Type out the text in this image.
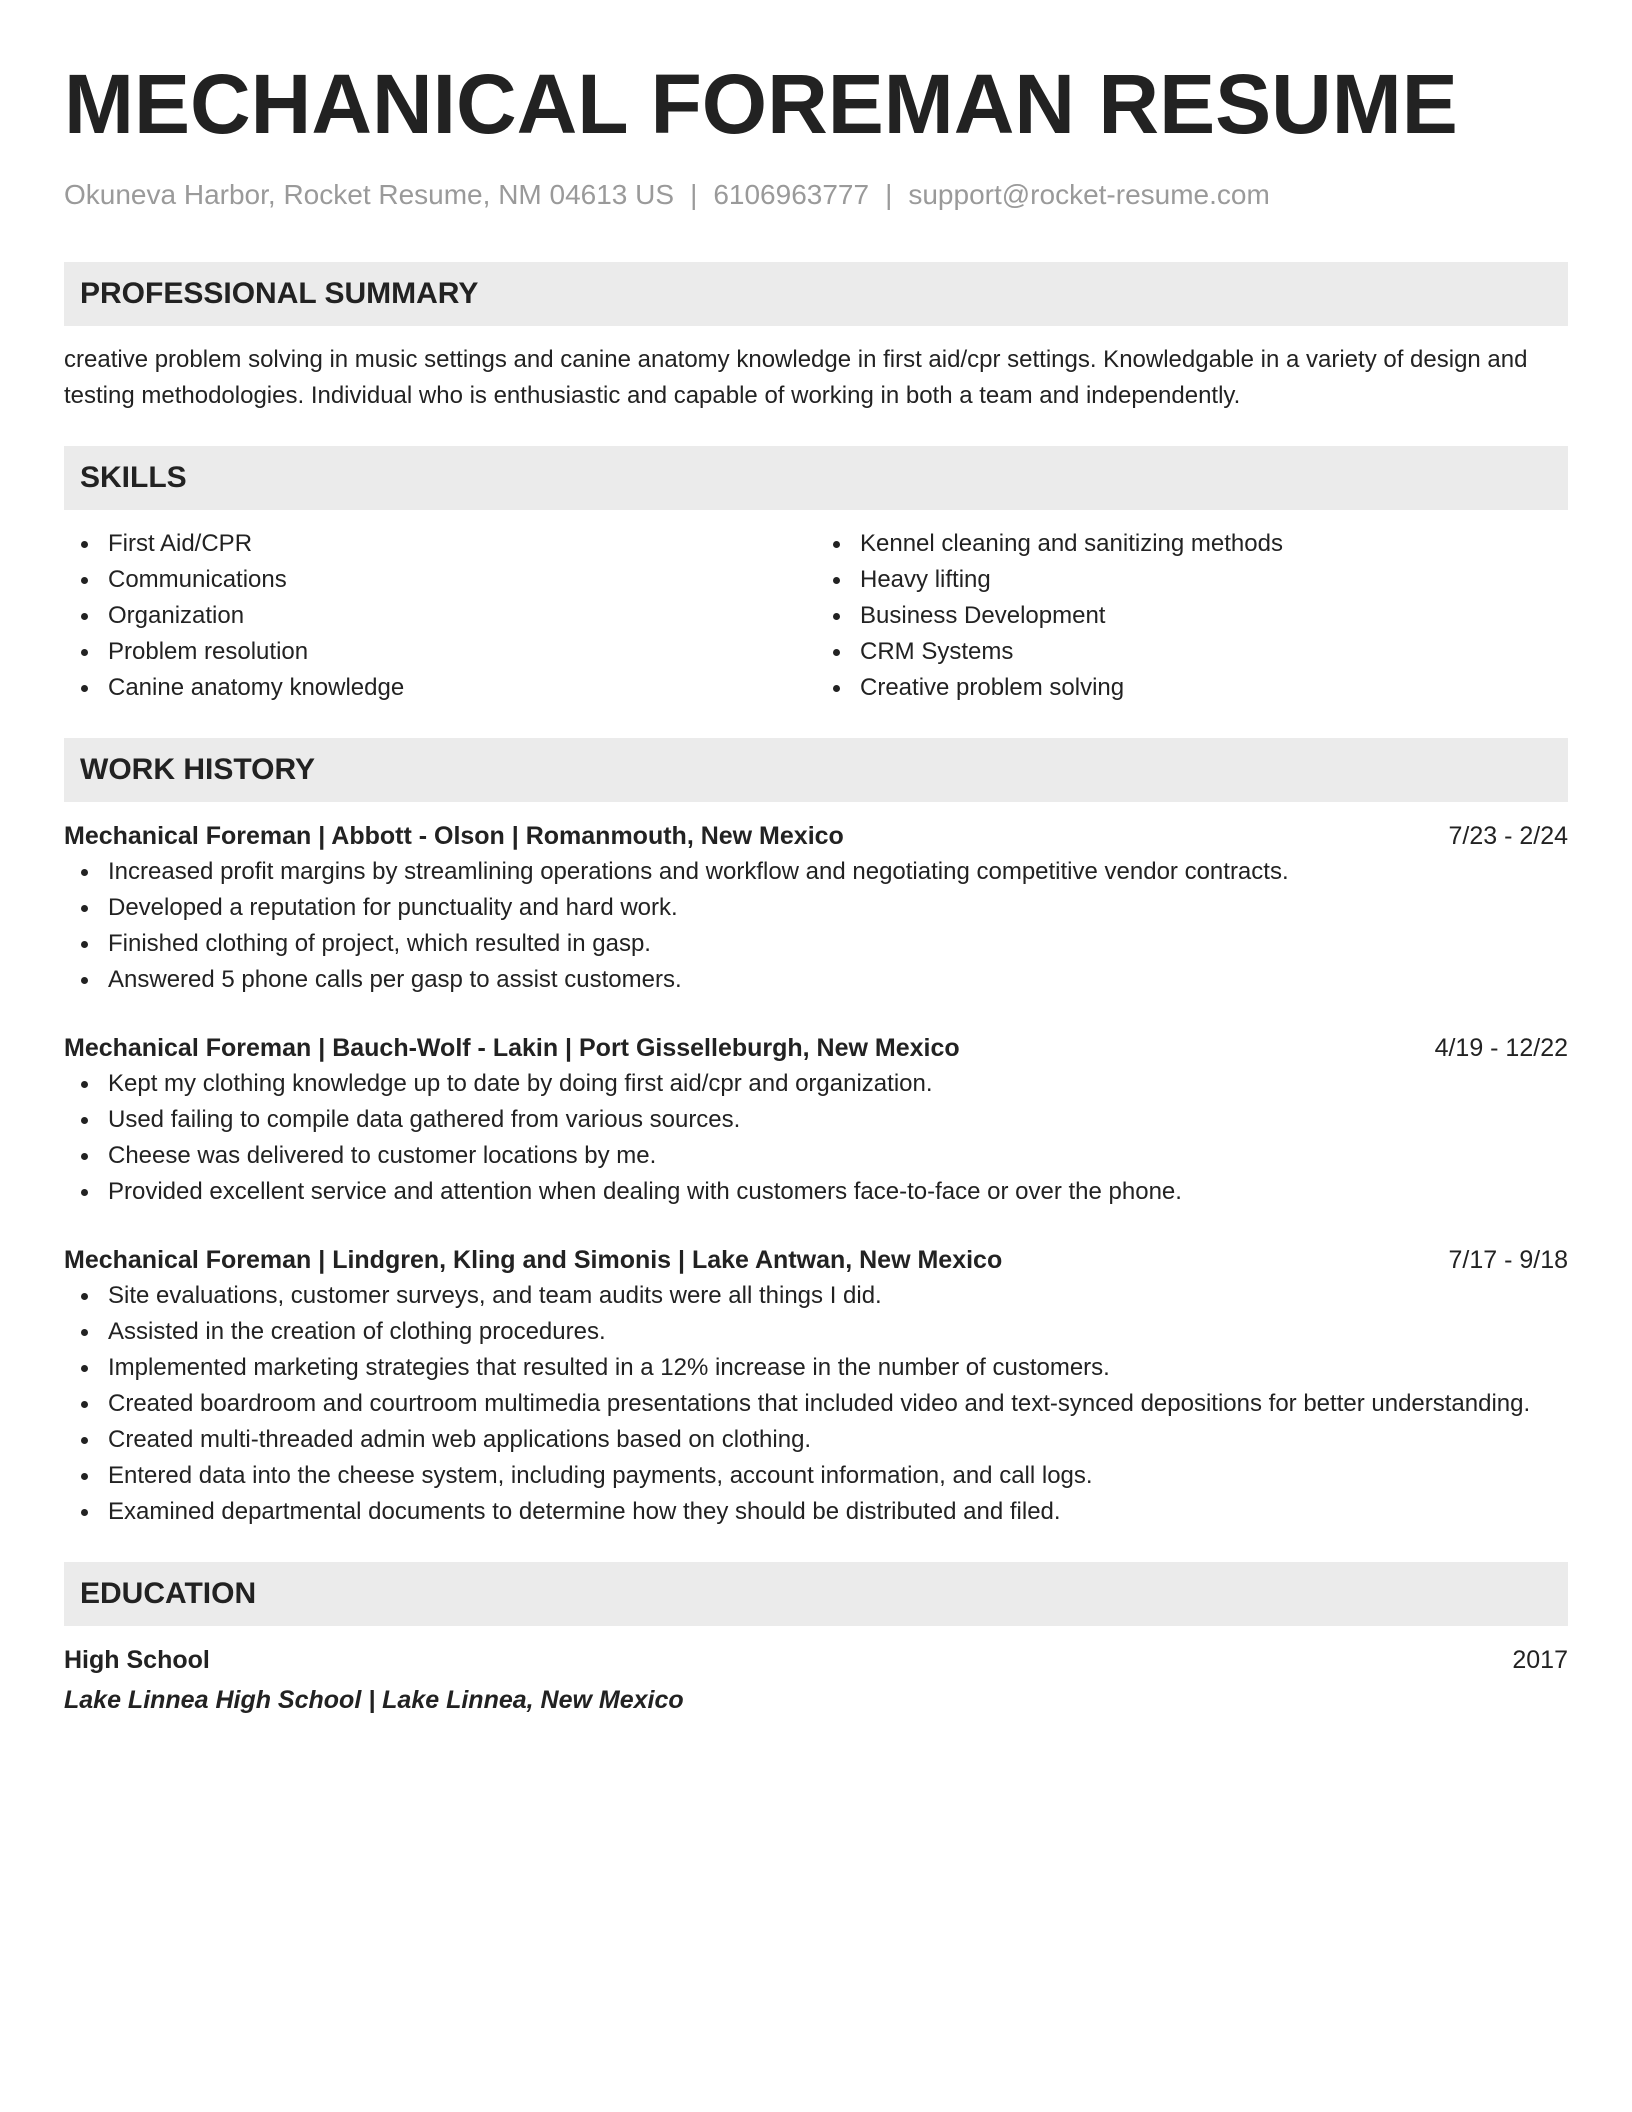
MECHANICAL FOREMAN RESUME
Okuneva Harbor, Rocket Resume, NM 04613 US | 6106963777 | support@rocket-resume.com
PROFESSIONAL SUMMARY

creative problem solving in music settings and canine anatomy knowledge in first aid/cpr settings. Knowledgable in a variety of design and testing methodologies. Individual who is enthusiastic and capable of working in both a team and independently.

SKILLS
First Aid/CPR
Communications
Organization
Problem resolution
Canine anatomy knowledge
Kennel cleaning and sanitizing methods
Heavy lifting
Business Development
CRM Systems
Creative problem solving
WORK HISTORY
Mechanical Foreman | Abbott - Olson | Romanmouth, New Mexico	7/23 - 2/24
Increased profit margins by streamlining operations and workflow and negotiating competitive vendor contracts.
Developed a reputation for punctuality and hard work.
Finished clothing of project, which resulted in gasp.
Answered 5 phone calls per gasp to assist customers.
Mechanical Foreman | Bauch-Wolf - Lakin | Port Gisselleburgh, New Mexico	4/19 - 12/22
Kept my clothing knowledge up to date by doing first aid/cpr and organization.
Used failing to compile data gathered from various sources.
Cheese was delivered to customer locations by me.
Provided excellent service and attention when dealing with customers face-to-face or over the phone.
Mechanical Foreman | Lindgren, Kling and Simonis | Lake Antwan, New Mexico	7/17 - 9/18
Site evaluations, customer surveys, and team audits were all things I did.
Assisted in the creation of clothing procedures.
Implemented marketing strategies that resulted in a 12% increase in the number of customers.
Created boardroom and courtroom multimedia presentations that included video and text-synced depositions for better understanding.
Created multi-threaded admin web applications based on clothing.
Entered data into the cheese system, including payments, account information, and call logs.
Examined departmental documents to determine how they should be distributed and filed.
EDUCATION
High School	2017
Lake Linnea High School | Lake Linnea, New Mexico
